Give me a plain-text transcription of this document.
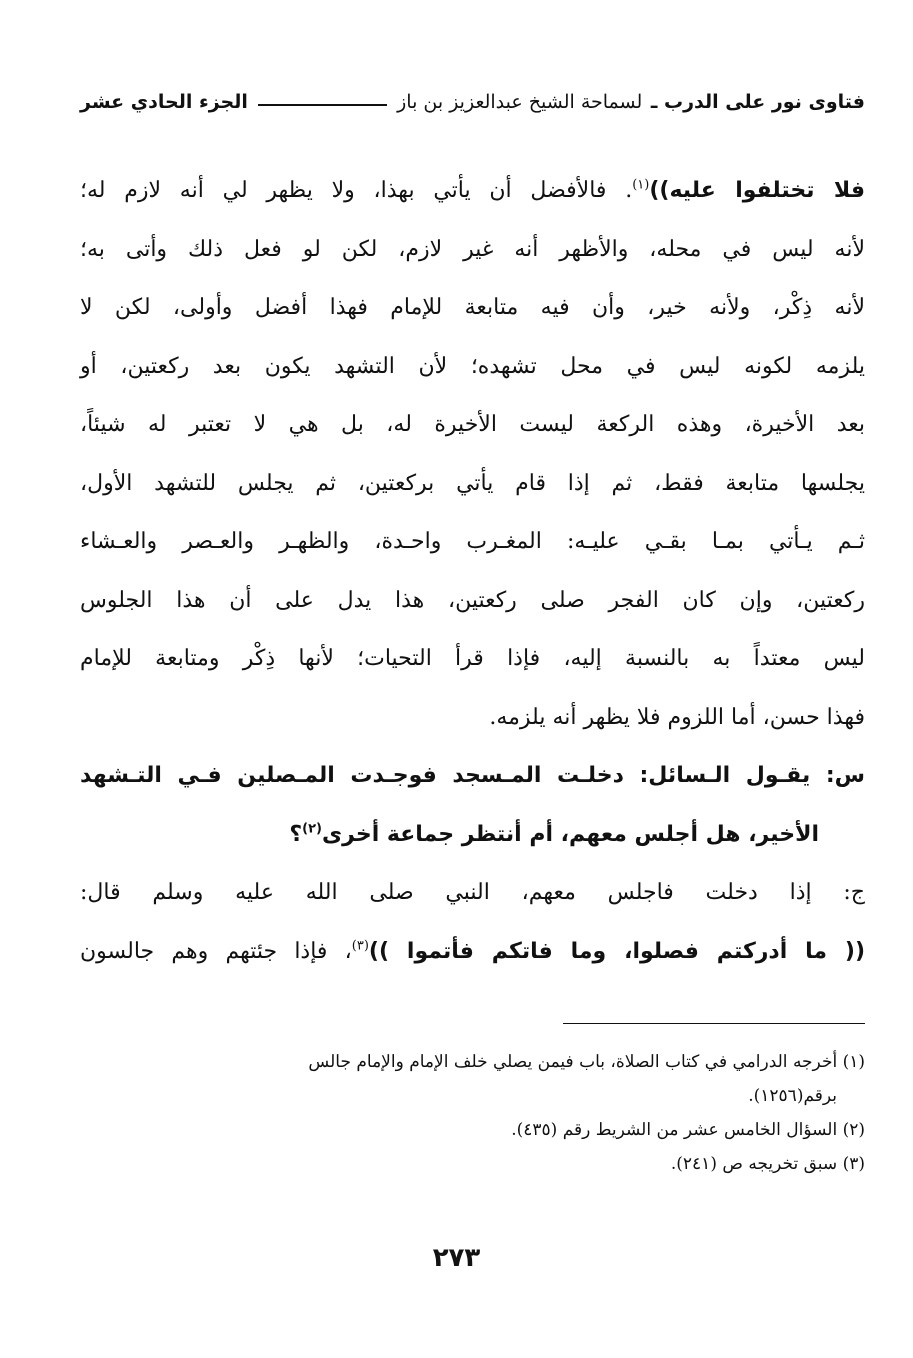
فتاوى نور على الدرب ـ لسماحة الشيخ عبدالعزيز بن باز
الجزء الحادي عشر
فلا تختلفوا عليه))$^{(١)}$. فالأفضل أن يأتي بهذا، ولا يظهر لي أنه لازم له؛
لأنه ليس في محله، والأظهر أنه غير لازم، لكن لو فعل ذلك وأتى به؛
لأنه ذِكْر، ولأنه خير، وأن فيه متابعة للإمام فهذا أفضل وأولى، لكن لا
يلزمه لكونه ليس في محل تشهده؛ لأن التشهد يكون بعد ركعتين، أو
بعد الأخيرة، وهذه الركعة ليست الأخيرة له، بل هي لا تعتبر له شيئاً،
يجلسها متابعة فقط، ثم إذا قام يأتي بركعتين، ثم يجلس للتشهد الأول،
ثـم يـأتي بمـا بقـي عليـه: المغـرب واحـدة، والظهـر والعـصر والعـشاء
ركعتين، وإن كان الفجر صلى ركعتين، هذا يدل على أن هذا الجلوس
ليس معتداً به بالنسبة إليه، فإذا قرأ التحيات؛ لأنها ذِكْر ومتابعة للإمام
فهذا حسن، أما اللزوم فلا يظهر أنه يلزمه.
س: يقـول الـسائل: دخلـت المـسجد فوجـدت المـصلين فـي التـشهد
الأخير، هل أجلس معهم، أم أنتظر جماعة أخرى$^{(٢)}$؟
ج: إذا دخلت فاجلس معهم، النبي صلى الله عليه وسلم قال:
(( ما أدركتم فصلوا، وما فاتكم فأتموا ))$^{(٣)}$، فإذا جئتهم وهم جالسون
(١) أخرجه الدرامي في كتاب الصلاة، باب فيمن يصلي خلف الإمام والإمام جالس
برقم(١٢٥٦).
(٢) السؤال الخامس عشر من الشريط رقم (٤٣٥).
(٣) سبق تخريجه ص (٢٤١).
٢٧٣
